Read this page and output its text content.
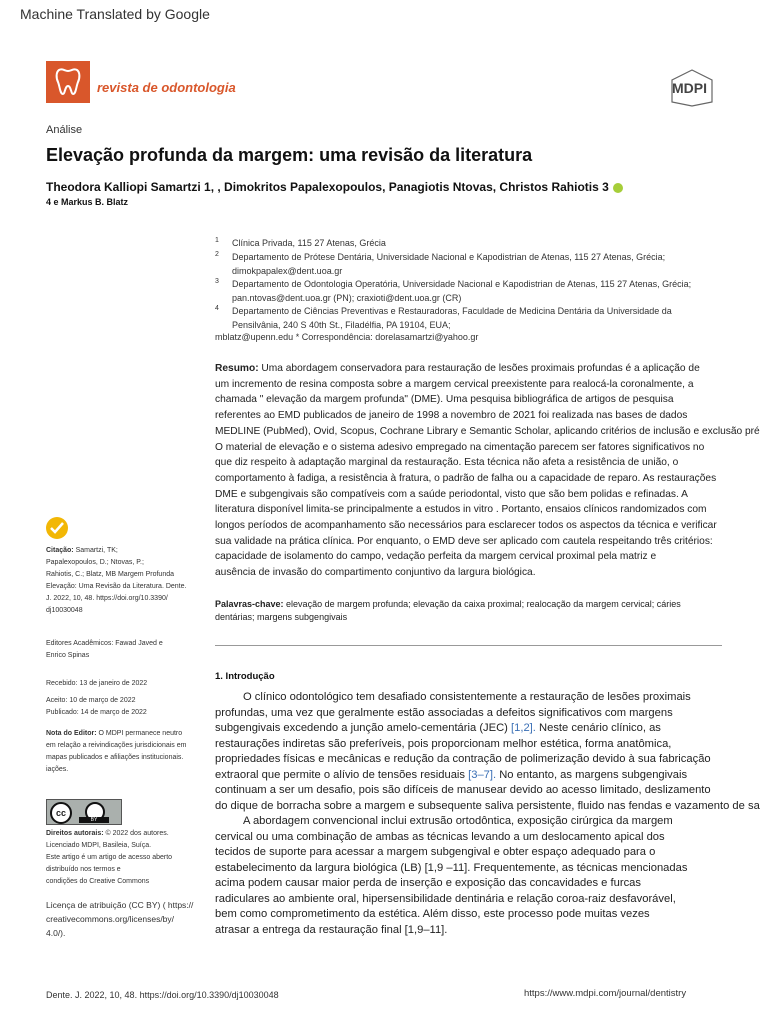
Machine Translated by Google
revista de odontologia	MDPI
Análise
Elevação profunda da margem: uma revisão da literatura
Theodora Kalliopi Samartzi 1, , Dimokritos Papalexopoulos, Panagiotis Ntovas, Christos Rahiotis 3
4 e Markus B. Blatz
1 Clínica Privada, 115 27 Atenas, Grécia
2 Departamento de Prótese Dentária, Universidade Nacional e Kapodistrian de Atenas, 115 27 Atenas, Grécia;
dimokpapalex@dent.uoa.gr
3 Departamento de Odontologia Operatória, Universidade Nacional e Kapodistrian de Atenas, 115 27 Atenas, Grécia;
pan.ntovas@dent.uoa.gr (PN); craxioti@dent.uoa.gr (CR)
4 Departamento de Ciências Preventivas e Restauradoras, Faculdade de Medicina Dentária da Universidade da
Pensilvânia, 240 S 40th St., Filadélfia, PA 19104, EUA;
mblatz@upenn.edu * Correspondência: dorelasamartzi@yahoo.gr
Resumo: Uma abordagem conservadora para restauração de lesões proximais profundas é a aplicação de
um incremento de resina composta sobre a margem cervical preexistente para realocá-la coronalmente, a
chamada " elevação da margem profunda" (DME). Uma pesquisa bibliográfica de artigos de pesquisa
referentes ao EMD publicados de janeiro de 1998 a novembro de 2021 foi realizada nas bases de dados
MEDLINE (PubMed), Ovid, Scopus, Cochrane Library e Semantic Scholar, aplicando critérios de inclusão e exclusão pré
O material de elevação e o sistema adesivo empregado na cimentação parecem ser fatores significativos no
que diz respeito à adaptação marginal da restauração. Esta técnica não afeta a resistência de união, o
comportamento à fadiga, a resistência à fratura, o padrão de falha ou a capacidade de reparo. As restaurações
DME e subgengivais são compatíveis com a saúde periodontal, visto que são bem polidas e refinadas. A
literatura disponível limita-se principalmente a estudos in vitro . Portanto, ensaios clínicos randomizados com
longos períodos de acompanhamento são necessários para esclarecer todos os aspectos da técnica e verificar
sua validade na prática clínica. Por enquanto, o EMD deve ser aplicado com cautela respeitando três critérios:
capacidade de isolamento do campo, vedação perfeita da margem cervical proximal pela matriz e
ausência de invasão do compartimento conjuntivo da largura biológica.
Palavras-chave: elevação de margem profunda; elevação da caixa proximal; realocação da margem cervical; cáries dentárias; margens subgengivais
1. Introdução
O clínico odontológico tem desafiado consistentemente a restauração de lesões proximais
profundas, uma vez que geralmente estão associadas a defeitos significativos com margens
subgengivais excedendo a junção amelo-cementária (JEC) [1,2]. Neste cenário clínico, as
restaurações indiretas são preferíveis, pois proporcionam melhor estética, forma anatômica,
propriedades físicas e mecânicas e redução da contração de polimerização devido à sua fabricação
extraoral que permite o alívio de tensões residuais [3–7]. No entanto, as margens subgengivais
continuam a ser um desafio, pois são difíceis de manusear devido ao acesso limitado, deslizamento
do dique de borracha sobre a margem e subsequente saliva persistente, fluido nas fendas e vazamento de sa
A abordagem convencional inclui extrusão ortodôntica, exposição cirúrgica da margem
cervical ou uma combinação de ambas as técnicas levando a um deslocamento apical dos
tecidos de suporte para acessar a margem subgengival e obter espaço adequado para o
estabelecimento da largura biológica (LB) [1,9 –11]. Frequentemente, as técnicas mencionadas
acima podem causar maior perda de inserção e exposição das concavidades e furcas
radiculares ao ambiente oral, hipersensibilidade dentinária e relação coroa-raiz desfavorável,
bem como comprometimento da estética. Além disso, este processo pode muitas vezes
atrasar a entrega da restauração final [1,9–11].
Citação: Samartzi, TK;
Papalexopoulos, D.; Ntovas, P.;
Rahiotis, C.; Blatz, MB Margem Profunda
Elevação: Uma Revisão da Literatura. Dente.
J. 2022, 10, 48. https://doi.org/10.3390/
dj10030048
Editores Acadêmicos: Fawad Javed e
Enrico Spinas
Recebido: 13 de janeiro de 2022
Aceito: 10 de março de 2022
Publicado: 14 de março de 2022
Nota do Editor: O MDPI permanece neutro
em relação a reivindicações jurisdicionais em
mapas publicados e afiliações institucionais.
iações.
cc
BY
Direitos autorais: © 2022 dos autores.
Licenciado MDPI, Basileia, Suíça.
Este artigo é um artigo de acesso aberto
distribuído nos termos e
condições do Creative Commons
Licença de atribuição (CC BY) ( https://
creativecommons.org/licenses/by/
4.0/).
Dente. J. 2022, 10, 48. https://doi.org/10.3390/dj10030048	https://www.mdpi.com/journal/dentistry
